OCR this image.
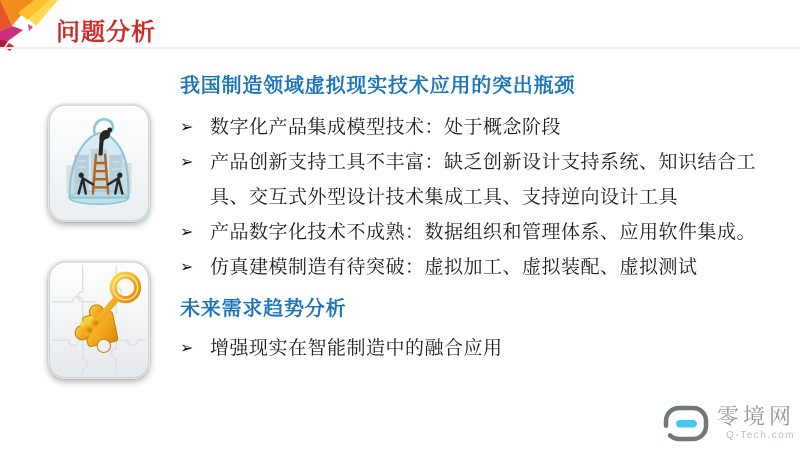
问题分析
我国制造领域虚拟现实技术应用的突出瓶颈
➢ 数字化产品集成模型技术：处于概念阶段
➢ 产品创新支持工具不丰富：缺乏创新设计支持系统、知识结合工具、交互式外型设计技术集成工具、支持逆向设计工具
➢ 产品数字化技术不成熟：数据组织和管理体系、应用软件集成。
➢ 仿真建模制造有待突破：虚拟加工、虚拟装配、虚拟测试
未来需求趋势分析
➢ 增强现实在智能制造中的融合应用
零境网
Q-Tech.com
